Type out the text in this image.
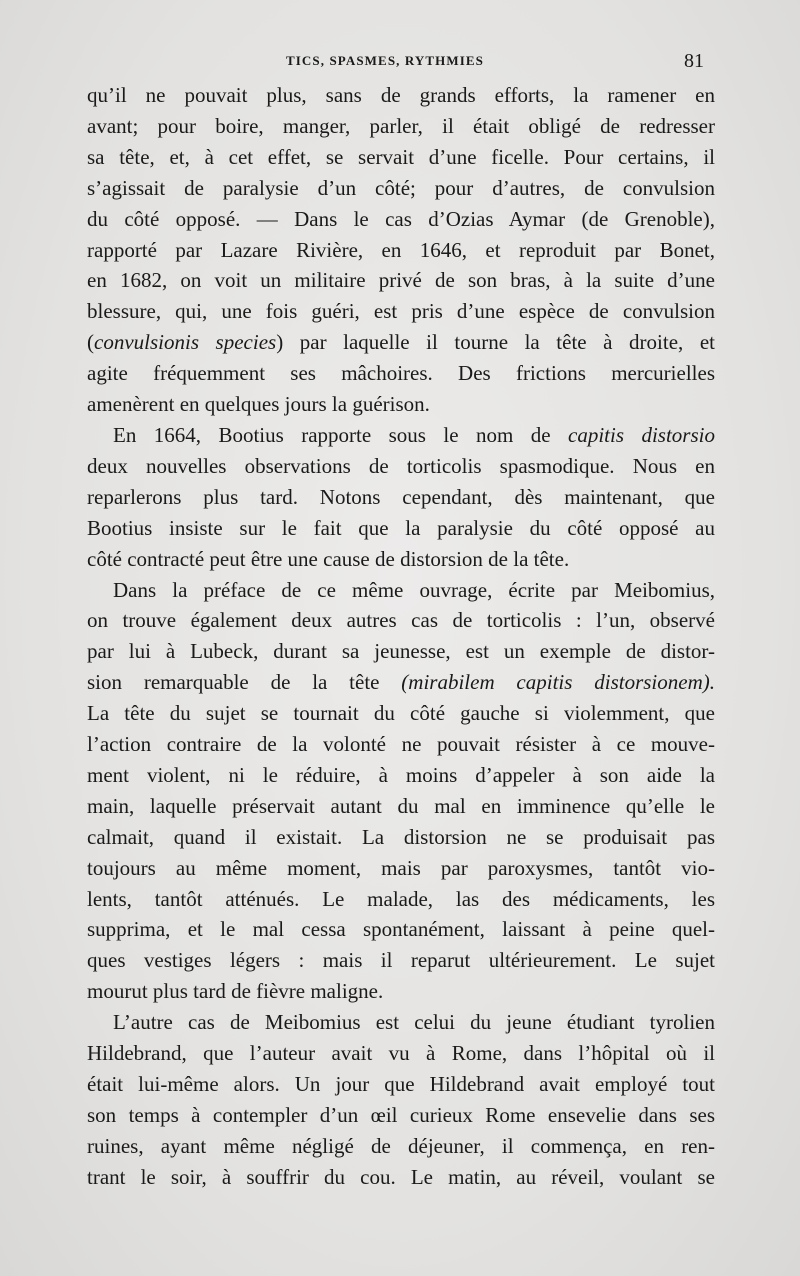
TICS, SPASMES, RYTHMIES	81

qu’il ne pouvait plus, sans de grands efforts, la ramener en
avant; pour boire, manger, parler, il était obligé de redresser
sa tête, et, à cet effet, se servait d’une ficelle. Pour certains, il
s’agissait de paralysie d’un côté; pour d’autres, de convulsion
du côté opposé. — Dans le cas d’Ozias Aymar (de Grenoble),
rapporté par Lazare Rivière, en 1646, et reproduit par Bonet,
en 1682, on voit un militaire privé de son bras, à la suite d’une
blessure, qui, une fois guéri, est pris d’une espèce de convulsion
(convulsionis species) par laquelle il tourne la tête à droite, et
agite fréquemment ses mâchoires. Des frictions mercurielles
amenèrent en quelques jours la guérison.

En 1664, Bootius rapporte sous le nom de capitis distorsio
deux nouvelles observations de torticolis spasmodique. Nous en
reparlerons plus tard. Notons cependant, dès maintenant, que
Bootius insiste sur le fait que la paralysie du côté opposé au
côté contracté peut être une cause de distorsion de la tête.

Dans la préface de ce même ouvrage, écrite par Meibomius,
on trouve également deux autres cas de torticolis : l’un, observé
par lui à Lubeck, durant sa jeunesse, est un exemple de distor-
sion remarquable de la tête (mirabilem capitis distorsionem).
La tête du sujet se tournait du côté gauche si violemment, que
l’action contraire de la volonté ne pouvait résister à ce mouve-
ment violent, ni le réduire, à moins d’appeler à son aide la
main, laquelle préservait autant du mal en imminence qu’elle le
calmait, quand il existait. La distorsion ne se produisait pas
toujours au même moment, mais par paroxysmes, tantôt vio-
lents, tantôt atténués. Le malade, las des médicaments, les
supprima, et le mal cessa spontanément, laissant à peine quel-
ques vestiges légers : mais il reparut ultérieurement. Le sujet
mourut plus tard de fièvre maligne.

L’autre cas de Meibomius est celui du jeune étudiant tyrolien
Hildebrand, que l’auteur avait vu à Rome, dans l’hôpital où il
était lui-même alors. Un jour que Hildebrand avait employé tout
son temps à contempler d’un œil curieux Rome ensevelie dans ses
ruines, ayant même négligé de déjeuner, il commença, en ren-
trant le soir, à souffrir du cou. Le matin, au réveil, voulant se
